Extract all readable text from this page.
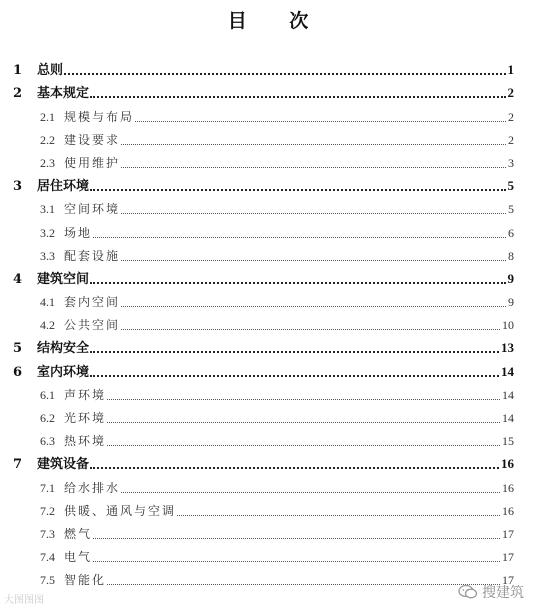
目 次
1 总则	1
2 基本规定	2
2.1 规模与布局	2
2.2 建设要求	2
2.3 使用维护	3
3 居住环境	5
3.1 空间环境	5
3.2 场地	6
3.3 配套设施	8
4 建筑空间	9
4.1 套内空间	9
4.2 公共空间	10
5 结构安全	13
6 室内环境	14
6.1 声环境	14
6.2 光环境	14
6.3 热环境	15
7 建筑设备	16
7.1 给水排水	16
7.2 供暖、通风与空调	16
7.3 燃气	17
7.4 电气	17
7.5 智能化	17
大图图图	搜建筑
